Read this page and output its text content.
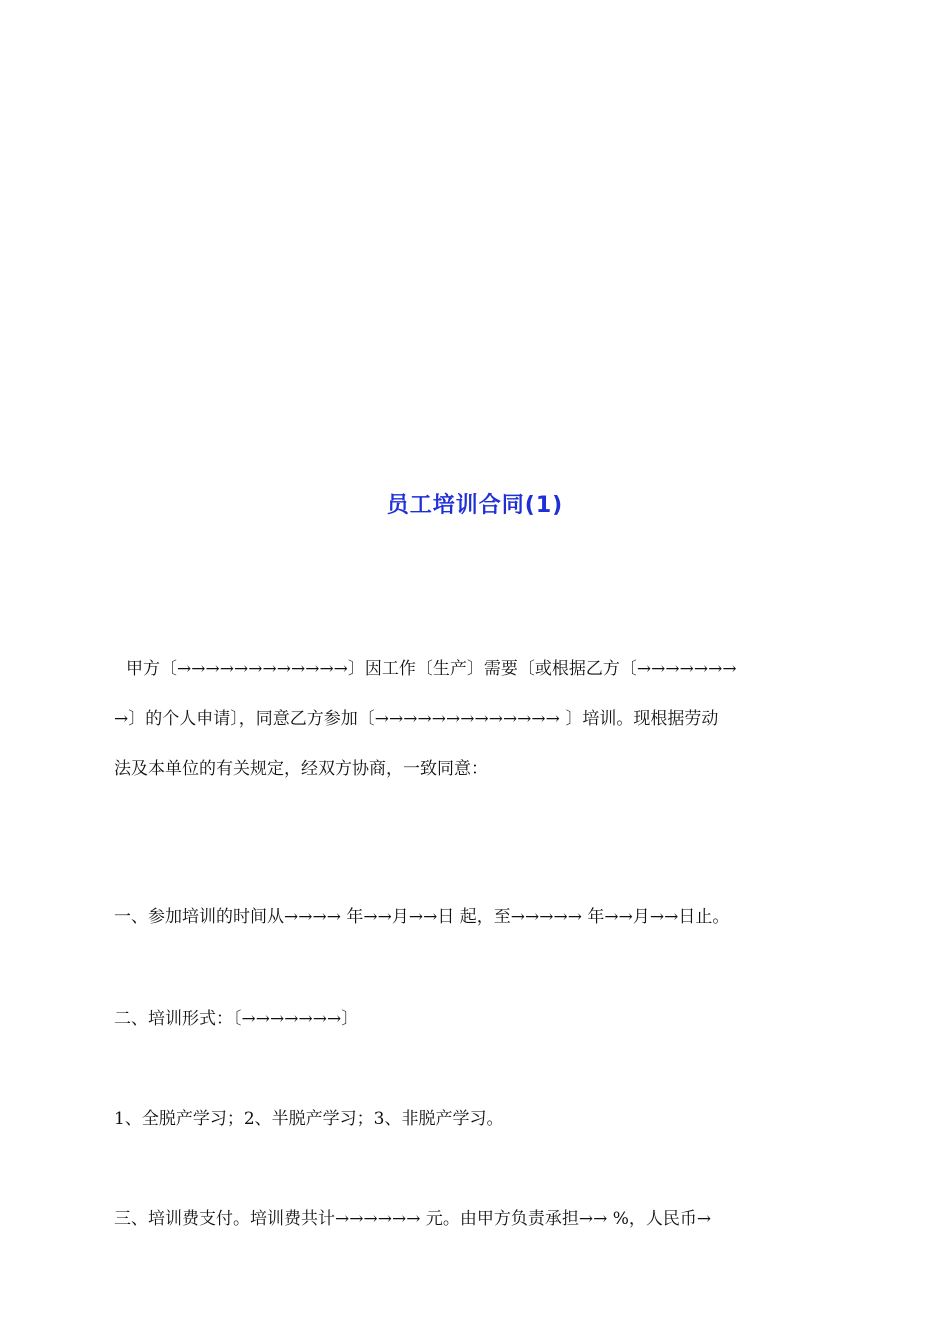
员工培训合同(1)
甲方〔→→→→→→→→→→→→〕因工作〔生产〕需要〔或根据乙方〔→→→→→→→
→〕的个人申请〕，同意乙方参加〔→→→→→→→→→→→→→ 〕培训。现根据劳动
法及本单位的有关规定，经双方协商，一致同意：
一、参加培训的时间从→→→→ 年→→月→→日 起，至→→→→→ 年→→月→→日止。
二、培训形式：〔→→→→→→→〕
1、全脱产学习；2、半脱产学习；3、非脱产学习。
三、培训费支付。培训费共计→→→→→→ 元。由甲方负责承担→→ %，人民币→
